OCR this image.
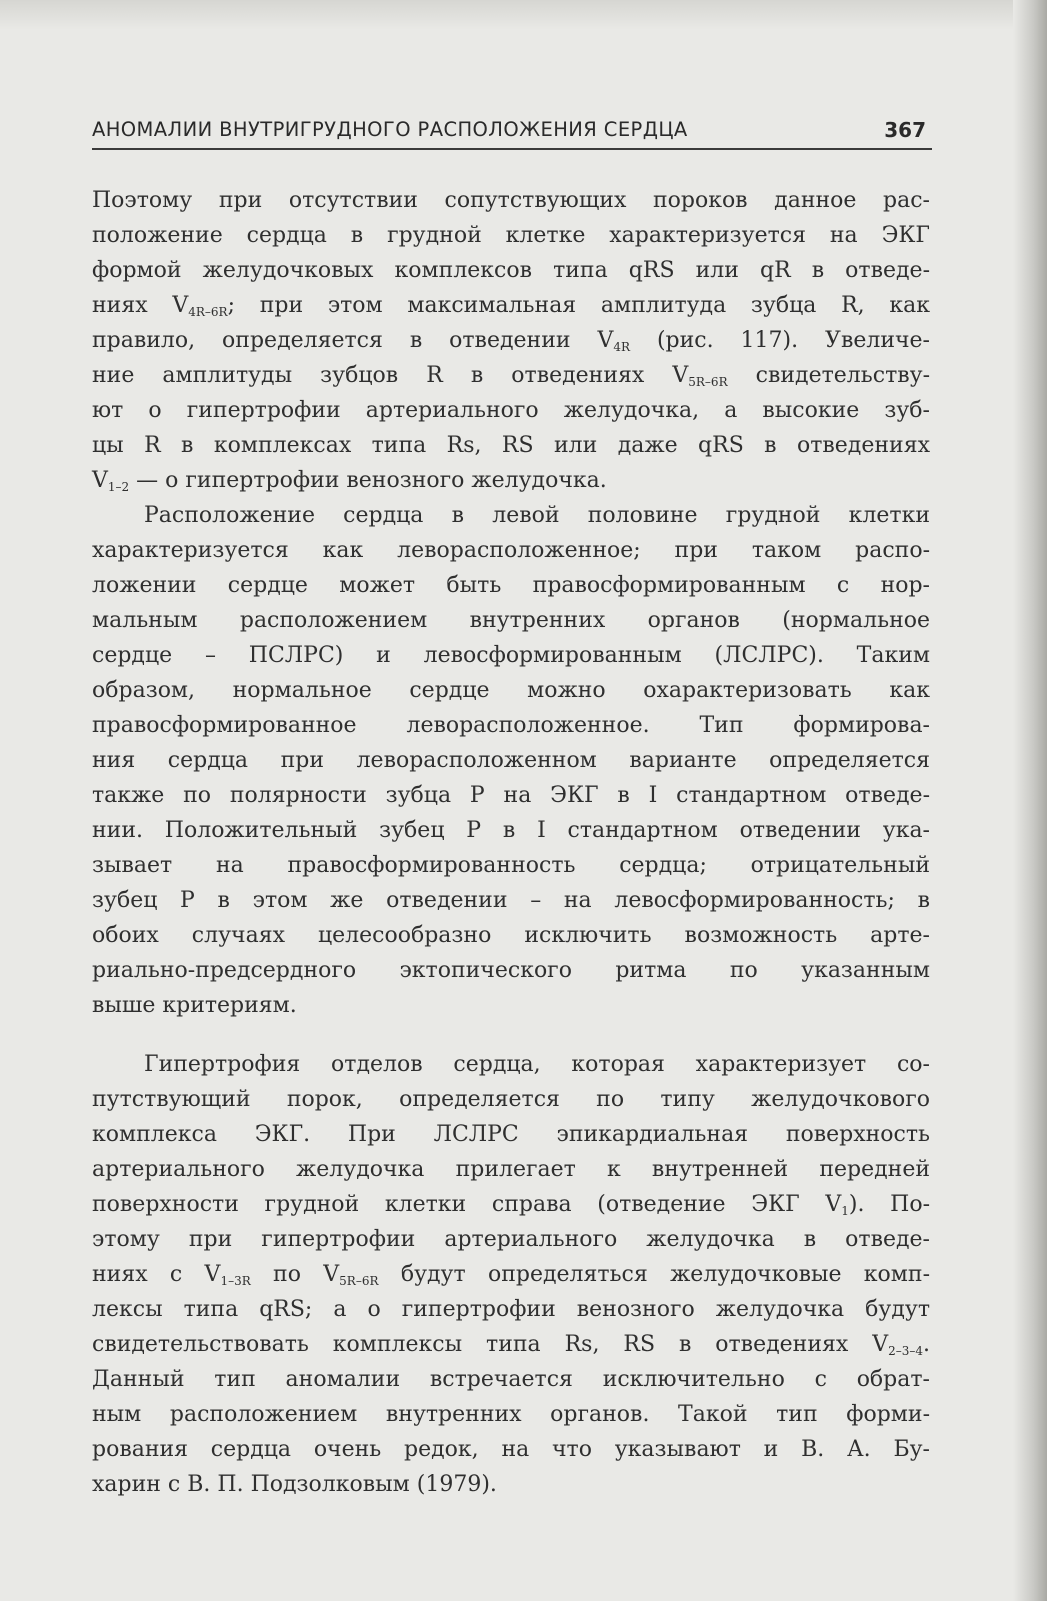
АНОМАЛИИ ВНУТРИГРУДНОГО РАСПОЛОЖЕНИЯ СЕРДЦА	367
Поэтому при отсутствии сопутствующих пороков данное рас-
положение сердца в грудной клетке характеризуется на ЭКГ
формой желудочковых комплексов типа qRS или qR в отведе-
ниях $V_{4R-6R}$; при этом максимальная амплитуда зубца R, как
правило, определяется в отведении $V_{4R}$ (рис. 117). Увеличе-
ние амплитуды зубцов R в отведениях $V_{5R-6R}$ свидетельству-
ют о гипертрофии артериального желудочка, а высокие зуб-
цы R в комплексах типа Rs, RS или даже qRS в отведениях
$V_{1-2}$ — о гипертрофии венозного желудочка.
Расположение сердца в левой половине грудной клетки
характеризуется как леворасположенное; при таком распо-
ложении сердце может быть правосформированным с нор-
мальным расположением внутренних органов (нормальное
сердце – ПСЛРС) и левосформированным (ЛСЛРС). Таким
образом, нормальное сердце можно охарактеризовать как
правосформированное леворасположенное. Тип формирова-
ния сердца при леворасположенном варианте определяется
также по полярности зубца Р на ЭКГ в I стандартном отведе-
нии. Положительный зубец Р в I стандартном отведении ука-
зывает на правосформированность сердца; отрицательный
зубец Р в этом же отведении – на левосформированность; в
обоих случаях целесообразно исключить возможность арте-
риально-предсердного эктопического ритма по указанным
выше критериям.
Гипертрофия отделов сердца, которая характеризует со-
путствующий порок, определяется по типу желудочкового
комплекса ЭКГ. При ЛСЛРС эпикардиальная поверхность
артериального желудочка прилегает к внутренней передней
поверхности грудной клетки справа (отведение ЭКГ $V_1$). По-
этому при гипертрофии артериального желудочка в отведе-
ниях с $V_{1-3R}$ по $V_{5R-6R}$ будут определяться желудочковые комп-
лексы типа qRS; а о гипертрофии венозного желудочка будут
свидетельствовать комплексы типа Rs, RS в отведениях $V_{2-3-4}$.
Данный тип аномалии встречается исключительно с обрат-
ным расположением внутренних органов. Такой тип форми-
рования сердца очень редок, на что указывают и В. А. Бу-
харин с В. П. Подзолковым (1979).
